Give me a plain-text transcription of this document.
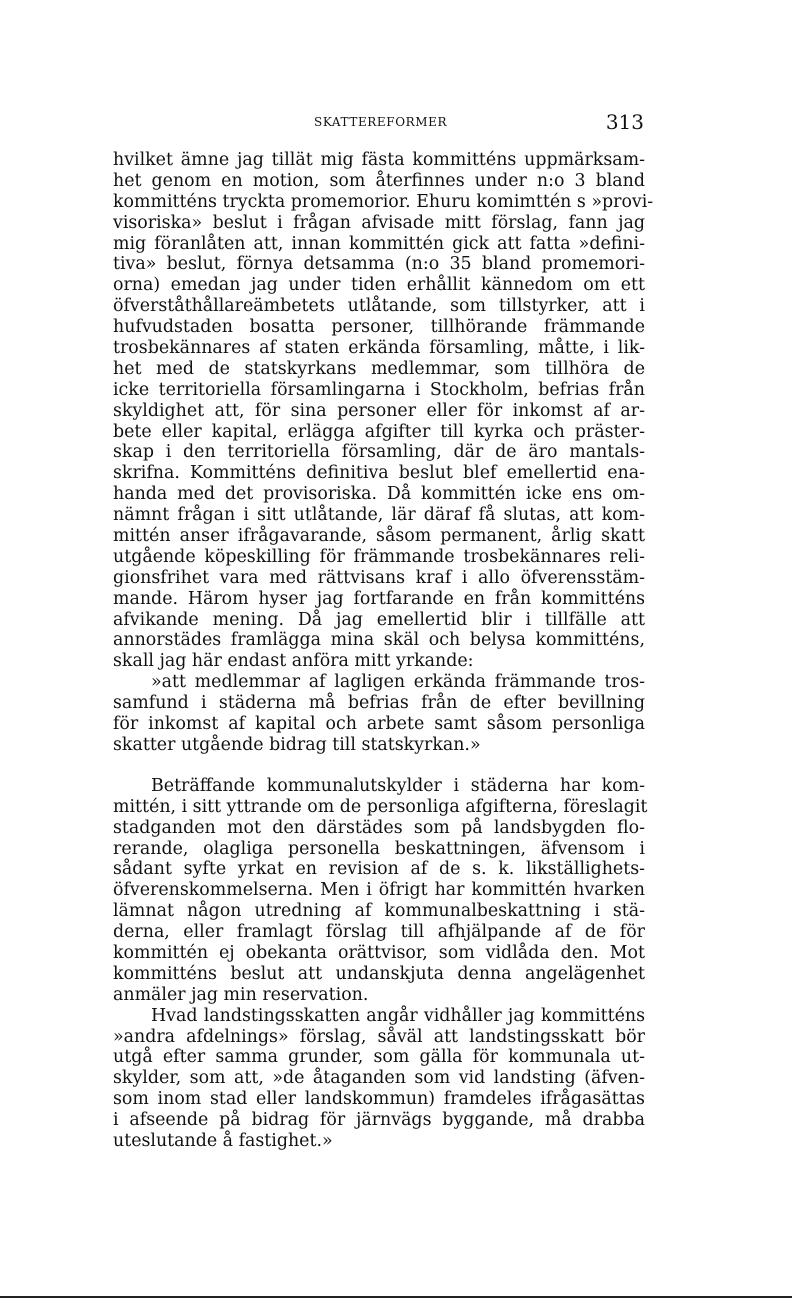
SKATTEREFORMER	313
hvilket ämne jag tillät mig fästa kommitténs uppmärksam-
het genom en motion, som återfinnes under n:o 3 bland
kommitténs tryckta promemorior. Ehuru komimttén s »provi-
visoriska» beslut i frågan afvisade mitt förslag, fann jag
mig föranlåten att, innan kommittén gick att fatta »defini-
tiva» beslut, förnya detsamma (n:o 35 bland promemori-
orna) emedan jag under tiden erhållit kännedom om ett
öfverståthållareämbetets utlåtande, som tillstyrker, att i
hufvudstaden bosatta personer, tillhörande främmande
trosbekännares af staten erkända församling, måtte, i lik-
het med de statskyrkans medlemmar, som tillhöra de
icke territoriella församlingarna i Stockholm, befrias från
skyldighet att, för sina personer eller för inkomst af ar-
bete eller kapital, erlägga afgifter till kyrka och präster-
skap i den territoriella församling, där de äro mantals-
skrifna. Kommitténs definitiva beslut blef emellertid ena-
handa med det provisoriska. Då kommittén icke ens om-
nämnt frågan i sitt utlåtande, lär däraf få slutas, att kom-
mittén anser ifrågavarande, såsom permanent, årlig skatt
utgående köpeskilling för främmande trosbekännares reli-
gionsfrihet vara med rättvisans kraf i allo öfverensstäm-
mande. Härom hyser jag fortfarande en från kommitténs
afvikande mening. Då jag emellertid blir i tillfälle att
annorstädes framlägga mina skäl och belysa kommitténs,
skall jag här endast anföra mitt yrkande:
»att medlemmar af lagligen erkända främmande tros-
samfund i städerna må befrias från de efter bevillning
för inkomst af kapital och arbete samt såsom personliga
skatter utgående bidrag till statskyrkan.»
Beträffande kommunalutskylder i städerna har kom-
mittén, i sitt yttrande om de personliga afgifterna, föreslagit
stadganden mot den därstädes som på landsbygden flo-
rerande, olagliga personella beskattningen, äfvensom i
sådant syfte yrkat en revision af de s. k. likställighets-
öfverenskommelserna. Men i öfrigt har kommittén hvarken
lämnat någon utredning af kommunalbeskattning i stä-
derna, eller framlagt förslag till afhjälpande af de för
kommittén ej obekanta orättvisor, som vidlåda den. Mot
kommitténs beslut att undanskjuta denna angelägenhet
anmäler jag min reservation.
Hvad landstingsskatten angår vidhåller jag kommitténs
»andra afdelnings» förslag, såväl att landstingsskatt bör
utgå efter samma grunder, som gälla för kommunala ut-
skylder, som att, »de åtaganden som vid landsting (äfven-
som inom stad eller landskommun) framdeles ifrågasättas
i afseende på bidrag för järnvägs byggande, må drabba
uteslutande å fastighet.»
